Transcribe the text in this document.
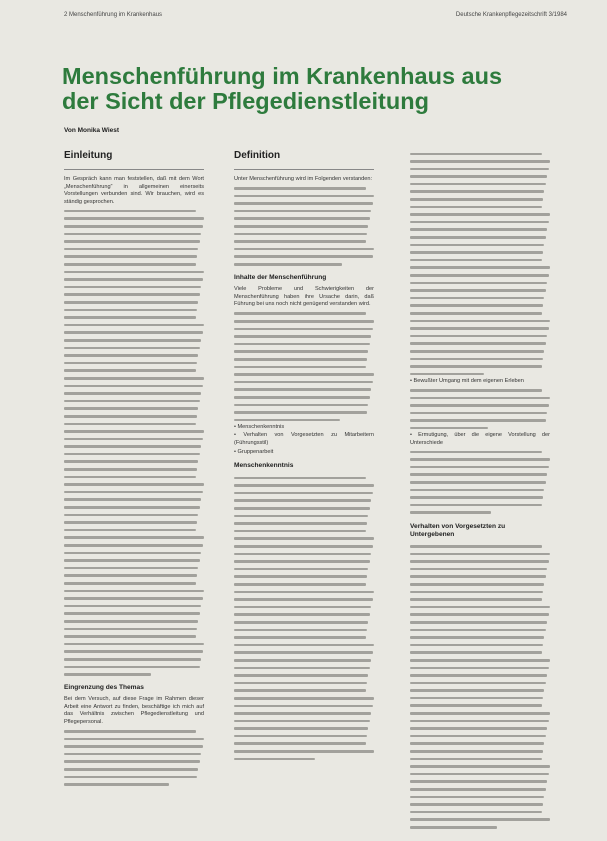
2 Menschenführung im Krankenhaus	Deutsche Krankenpflegezeitschrift 3/1984
Menschenführung im Krankenhaus aus der Sicht der Pflegedienstleitung
Von Monika Wiest
Einleitung

Im Gespräch kann man feststellen, daß mit dem Wort „Menschenführung“ in allgemeinen einerseits Vorstellungen verbunden sind. Wir brauchen, wird es ständig gesprochen.

Eingrenzung des Themas

Bei dem Versuch, auf diese Frage im Rahmen dieser Arbeit eine Antwort zu finden, beschäftige ich mich auf das Verhältnis zwischen Pflegedienstleitung und Pflegepersonal.

Definition

Unter Menschenführung wird im Folgenden verstanden:

Inhalte der Menschenführung

Viele Probleme und Schwierigkeiten der Menschenführung haben ihre Ursache darin, daß Führung bei uns noch nicht genügend verstanden wird.

• Menschenkenntnis

• Verhalten von Vorgesetzten zu Mitarbeitern (Führungsstil)

• Gruppenarbeit

Menschenkenntnis

• Bewußter Umgang mit dem eigenen Erleben

• Ermutigung, über die eigene Vorstellung der Unterschiede

Verhalten von Vorgesetzten zu Untergebenen
